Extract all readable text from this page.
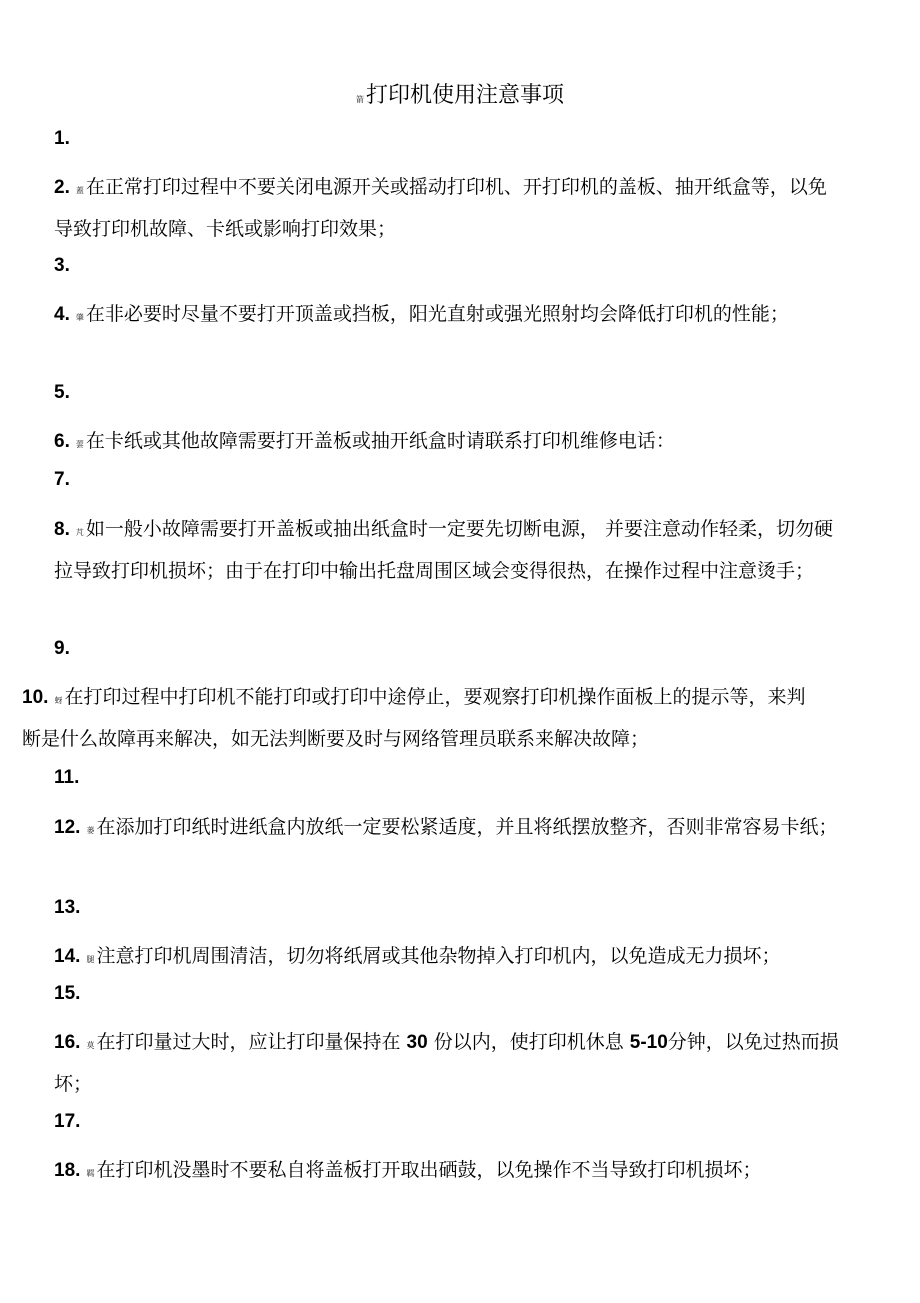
箭打印机使用注意事项
1.
2. 蓋 在正常打印过程中不要关闭电源开关或摇动打印机、开打印机的盖板、抽开纸盒等，以免导致打印机故障、卡纸或影响打印效果；
3.
4. 肇 在非必要时尽量不要打开顶盖或挡板，阳光直射或强光照射均会降低打印机的性能；
5.
6. 蕓 在卡纸或其他故障需要打开盖板或抽开纸盒时请联系打印机维修电话：
7.
8. 芃 如一般小故障需要打开盖板或抽出纸盒时一定要先切断电源， 并要注意动作轻柔，切勿硬拉导致打印机损坏；由于在打印中输出托盘周围区域会变得很热，在操作过程中注意烫手；
9.
10. 蚜 在打印过程中打印机不能打印或打印中途停止，要观察打印机操作面板上的提示等，来判断是什么故障再来解决，如无法判断要及时与网络管理员联系来解决故障；
11.
12. 蒌 在添加打印纸时进纸盒内放纸一定要松紧适度，并且将纸摆放整齐，否则非常容易卡纸；
13.
14. 腿 注意打印机周围清洁，切勿将纸屑或其他杂物掉入打印机内，以免造成无力损坏；
15.
16. 莫 在打印量过大时，应让打印量保持在 30 份以内，使打印机休息 5-10分钟，以免过热而损坏；
17.
18. 羁 在打印机没墨时不要私自将盖板打开取出硒鼓，以免操作不当导致打印机损坏；
